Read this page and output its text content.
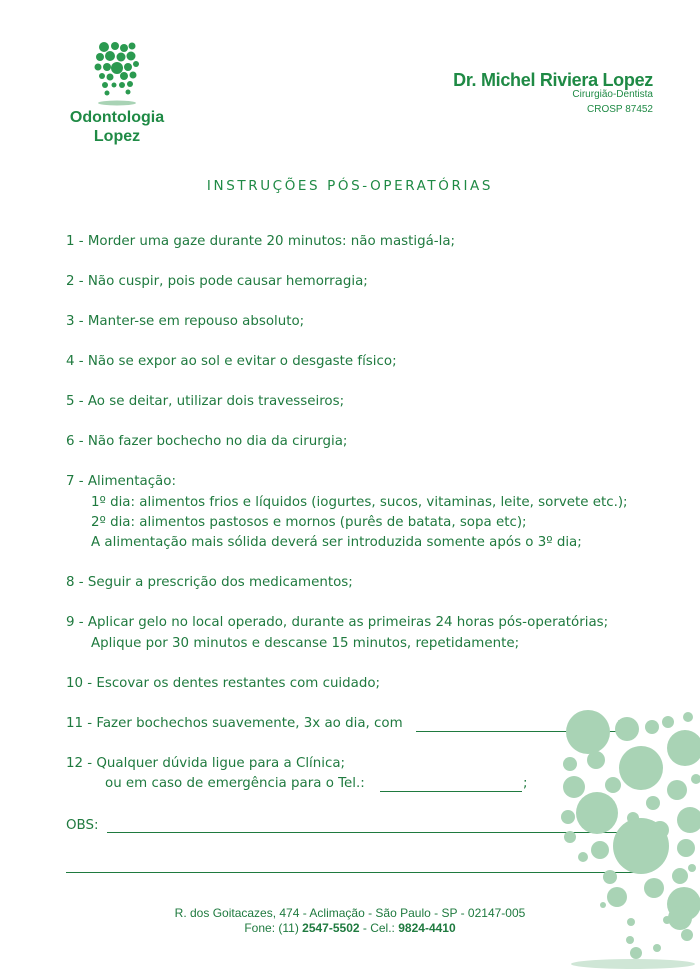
Odontologia
Lopez
Dr. Michel Riviera Lopez
Cirurgião-Dentista
CROSP 87452
INSTRUÇÕES PÓS-OPERATÓRIAS
1 - Morder uma gaze durante 20 minutos: não mastigá-la;
2 - Não cuspir, pois pode causar hemorragia;
3 - Manter-se em repouso absoluto;
4 - Não se expor ao sol e evitar o desgaste físico;
5 - Ao se deitar, utilizar dois travesseiros;
6 - Não fazer bochecho no dia da cirurgia;
7 - Alimentação:
1º dia: alimentos frios e líquidos (iogurtes, sucos, vitaminas, leite, sorvete etc.);
2º dia: alimentos pastosos e mornos (purês de batata, sopa etc);
A alimentação mais sólida deverá ser introduzida somente após o 3º dia;
8 - Seguir a prescrição dos medicamentos;
9 - Aplicar gelo no local operado, durante as primeiras 24 horas pós-operatórias;
Aplique por 30 minutos e descanse 15 minutos, repetidamente;
10 - Escovar os dentes restantes com cuidado;
11 - Fazer bochechos suavemente, 3x ao dia, com
12 - Qualquer dúvida ligue para a Clínica;
ou em caso de emergência para o Tel.:	;
OBS:
R. dos Goitacazes, 474 - Aclimação - São Paulo - SP - 02147-005
Fone: (11) 2547-5502 - Cel.: 9824-4410
